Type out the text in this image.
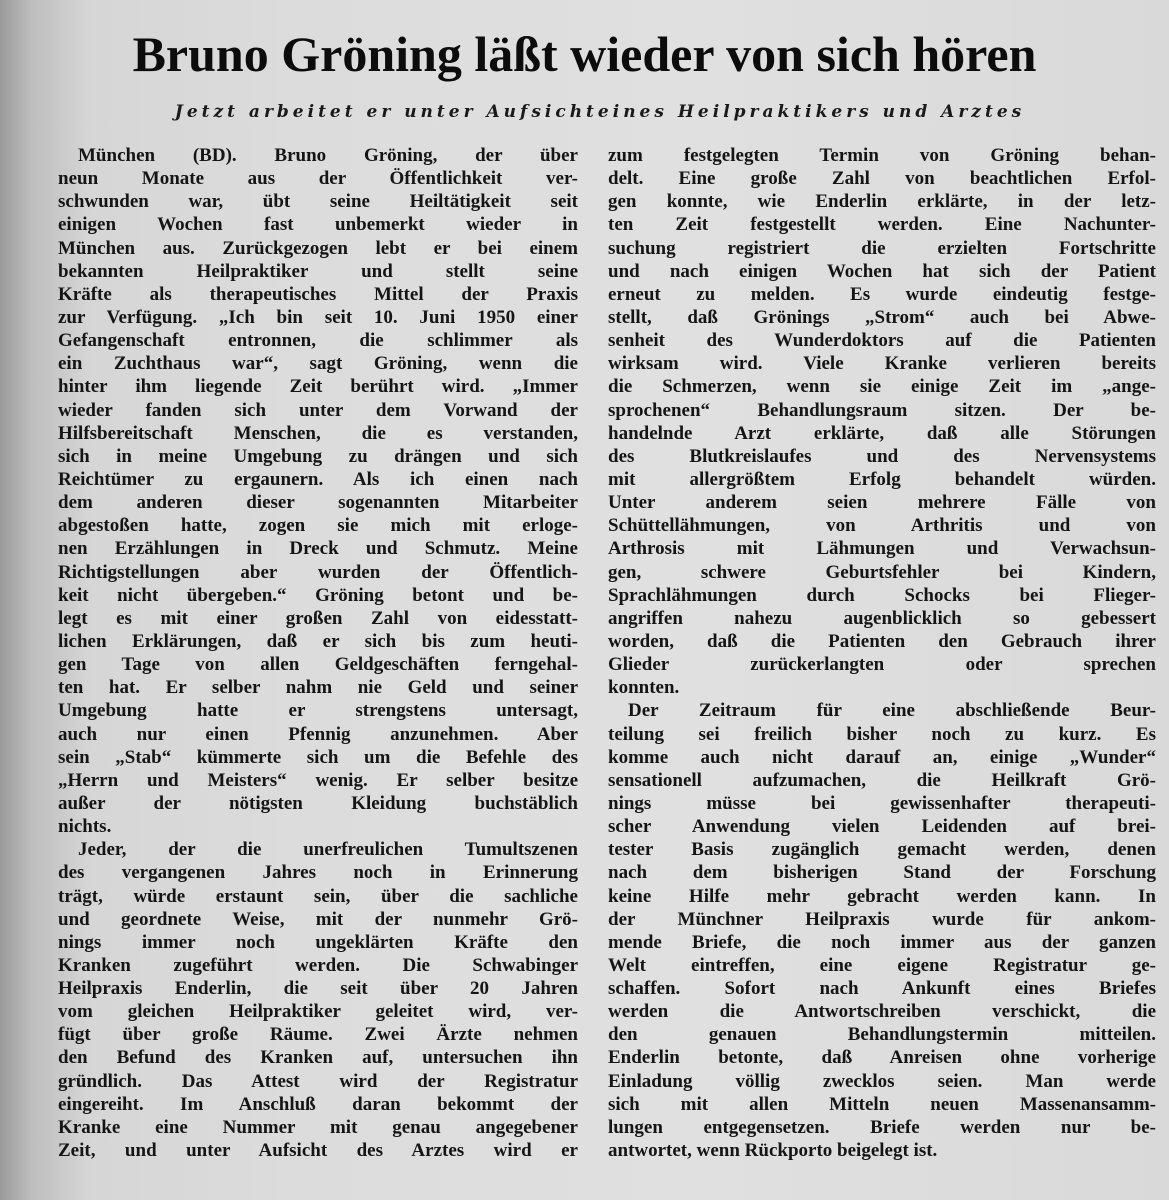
Bruno Gröning läßt wieder von sich hören
Jetzt arbeitet er unter Aufsichteines Heilpraktikers und Arztes
München (BD). Bruno Gröning, der über
neun Monate aus der Öffentlichkeit ver-
schwunden war, übt seine Heiltätigkeit seit
einigen Wochen fast unbemerkt wieder in
München aus. Zurückgezogen lebt er bei einem
bekannten Heilpraktiker und stellt seine
Kräfte als therapeutisches Mittel der Praxis
zur Verfügung. „Ich bin seit 10. Juni 1950 einer
Gefangenschaft entronnen, die schlimmer als
ein Zuchthaus war“, sagt Gröning, wenn die
hinter ihm liegende Zeit berührt wird. „Immer
wieder fanden sich unter dem Vorwand der
Hilfsbereitschaft Menschen, die es verstanden,
sich in meine Umgebung zu drängen und sich
Reichtümer zu ergaunern. Als ich einen nach
dem anderen dieser sogenannten Mitarbeiter
abgestoßen hatte, zogen sie mich mit erloge-
nen Erzählungen in Dreck und Schmutz. Meine
Richtigstellungen aber wurden der Öffentlich-
keit nicht übergeben.“ Gröning betont und be-
legt es mit einer großen Zahl von eidesstatt-
lichen Erklärungen, daß er sich bis zum heuti-
gen Tage von allen Geldgeschäften ferngehal-
ten hat. Er selber nahm nie Geld und seiner
Umgebung hatte er strengstens untersagt,
auch nur einen Pfennig anzunehmen. Aber
sein „Stab“ kümmerte sich um die Befehle des
„Herrn und Meisters“ wenig. Er selber besitze
außer der nötigsten Kleidung buchstäblich
nichts.
Jeder, der die unerfreulichen Tumultszenen
des vergangenen Jahres noch in Erinnerung
trägt, würde erstaunt sein, über die sachliche
und geordnete Weise, mit der nunmehr Grö-
nings immer noch ungeklärten Kräfte den
Kranken zugeführt werden. Die Schwabinger
Heilpraxis Enderlin, die seit über 20 Jahren
vom gleichen Heilpraktiker geleitet wird, ver-
fügt über große Räume. Zwei Ärzte nehmen
den Befund des Kranken auf, untersuchen ihn
gründlich. Das Attest wird der Registratur
eingereiht. Im Anschluß daran bekommt der
Kranke eine Nummer mit genau angegebener
Zeit, und unter Aufsicht des Arztes wird er
zum festgelegten Termin von Gröning behan-
delt. Eine große Zahl von beachtlichen Erfol-
gen konnte, wie Enderlin erklärte, in der letz-
ten Zeit festgestellt werden. Eine Nachunter-
suchung registriert die erzielten Fortschritte
und nach einigen Wochen hat sich der Patient
erneut zu melden. Es wurde eindeutig festge-
stellt, daß Grönings „Strom“ auch bei Abwe-
senheit des Wunderdoktors auf die Patienten
wirksam wird. Viele Kranke verlieren bereits
die Schmerzen, wenn sie einige Zeit im „ange-
sprochenen“ Behandlungsraum sitzen. Der be-
handelnde Arzt erklärte, daß alle Störungen
des Blutkreislaufes und des Nervensystems
mit allergrößtem Erfolg behandelt würden.
Unter anderem seien mehrere Fälle von
Schüttellähmungen, von Arthritis und von
Arthrosis mit Lähmungen und Verwachsun-
gen, schwere Geburtsfehler bei Kindern,
Sprachlähmungen durch Schocks bei Flieger-
angriffen nahezu augenblicklich so gebessert
worden, daß die Patienten den Gebrauch ihrer
Glieder zurückerlangten oder sprechen
konnten.
Der Zeitraum für eine abschließende Beur-
teilung sei freilich bisher noch zu kurz. Es
komme auch nicht darauf an, einige „Wunder“
sensationell aufzumachen, die Heilkraft Grö-
nings müsse bei gewissenhafter therapeuti-
scher Anwendung vielen Leidenden auf brei-
tester Basis zugänglich gemacht werden, denen
nach dem bisherigen Stand der Forschung
keine Hilfe mehr gebracht werden kann. In
der Münchner Heilpraxis wurde für ankom-
mende Briefe, die noch immer aus der ganzen
Welt eintreffen, eine eigene Registratur ge-
schaffen. Sofort nach Ankunft eines Briefes
werden die Antwortschreiben verschickt, die
den genauen Behandlungstermin mitteilen.
Enderlin betonte, daß Anreisen ohne vorherige
Einladung völlig zwecklos seien. Man werde
sich mit allen Mitteln neuen Massenansamm-
lungen entgegensetzen. Briefe werden nur be-
antwortet, wenn Rückporto beigelegt ist.
